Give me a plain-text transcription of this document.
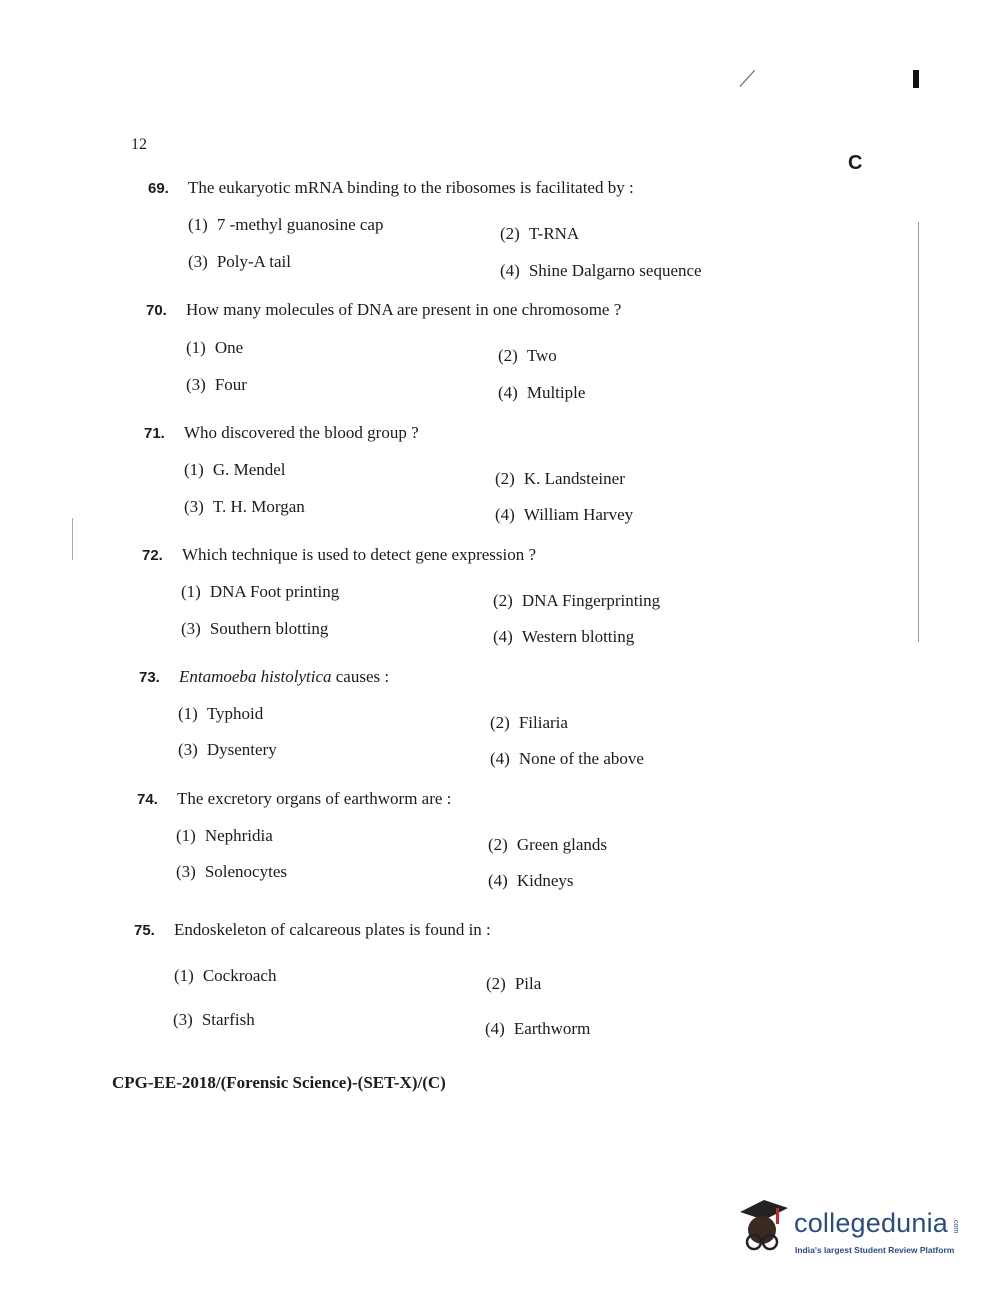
12
C
69.	The eukaryotic mRNA binding to the ribosomes is facilitated by :
(1) 7 -methyl guanosine cap	(2) T-RNA
(3) Poly-A tail	(4) Shine Dalgarno sequence
70.	How many molecules of DNA are present in one chromosome ?
(1) One	(2) Two
(3) Four	(4) Multiple
71.	Who discovered the blood group ?
(1) G. Mendel	(2) K. Landsteiner
(3) T. H. Morgan	(4) William Harvey
72.	Which technique is used to detect gene expression ?
(1) DNA Foot printing	(2) DNA Fingerprinting
(3) Southern blotting	(4) Western blotting
73.	Entamoeba histolytica causes :
(1) Typhoid	(2) Filiaria
(3) Dysentery	(4) None of the above
74.	The excretory organs of earthworm are :
(1) Nephridia	(2) Green glands
(3) Solenocytes	(4) Kidneys
75.	Endoskeleton of calcareous plates is found in :
(1) Cockroach	(2) Pila
(3) Starfish	(4) Earthworm
CPG-EE-2018/(Forensic Science)-(SET-X)/(C)
collegedunia .com
India's largest Student Review Platform
